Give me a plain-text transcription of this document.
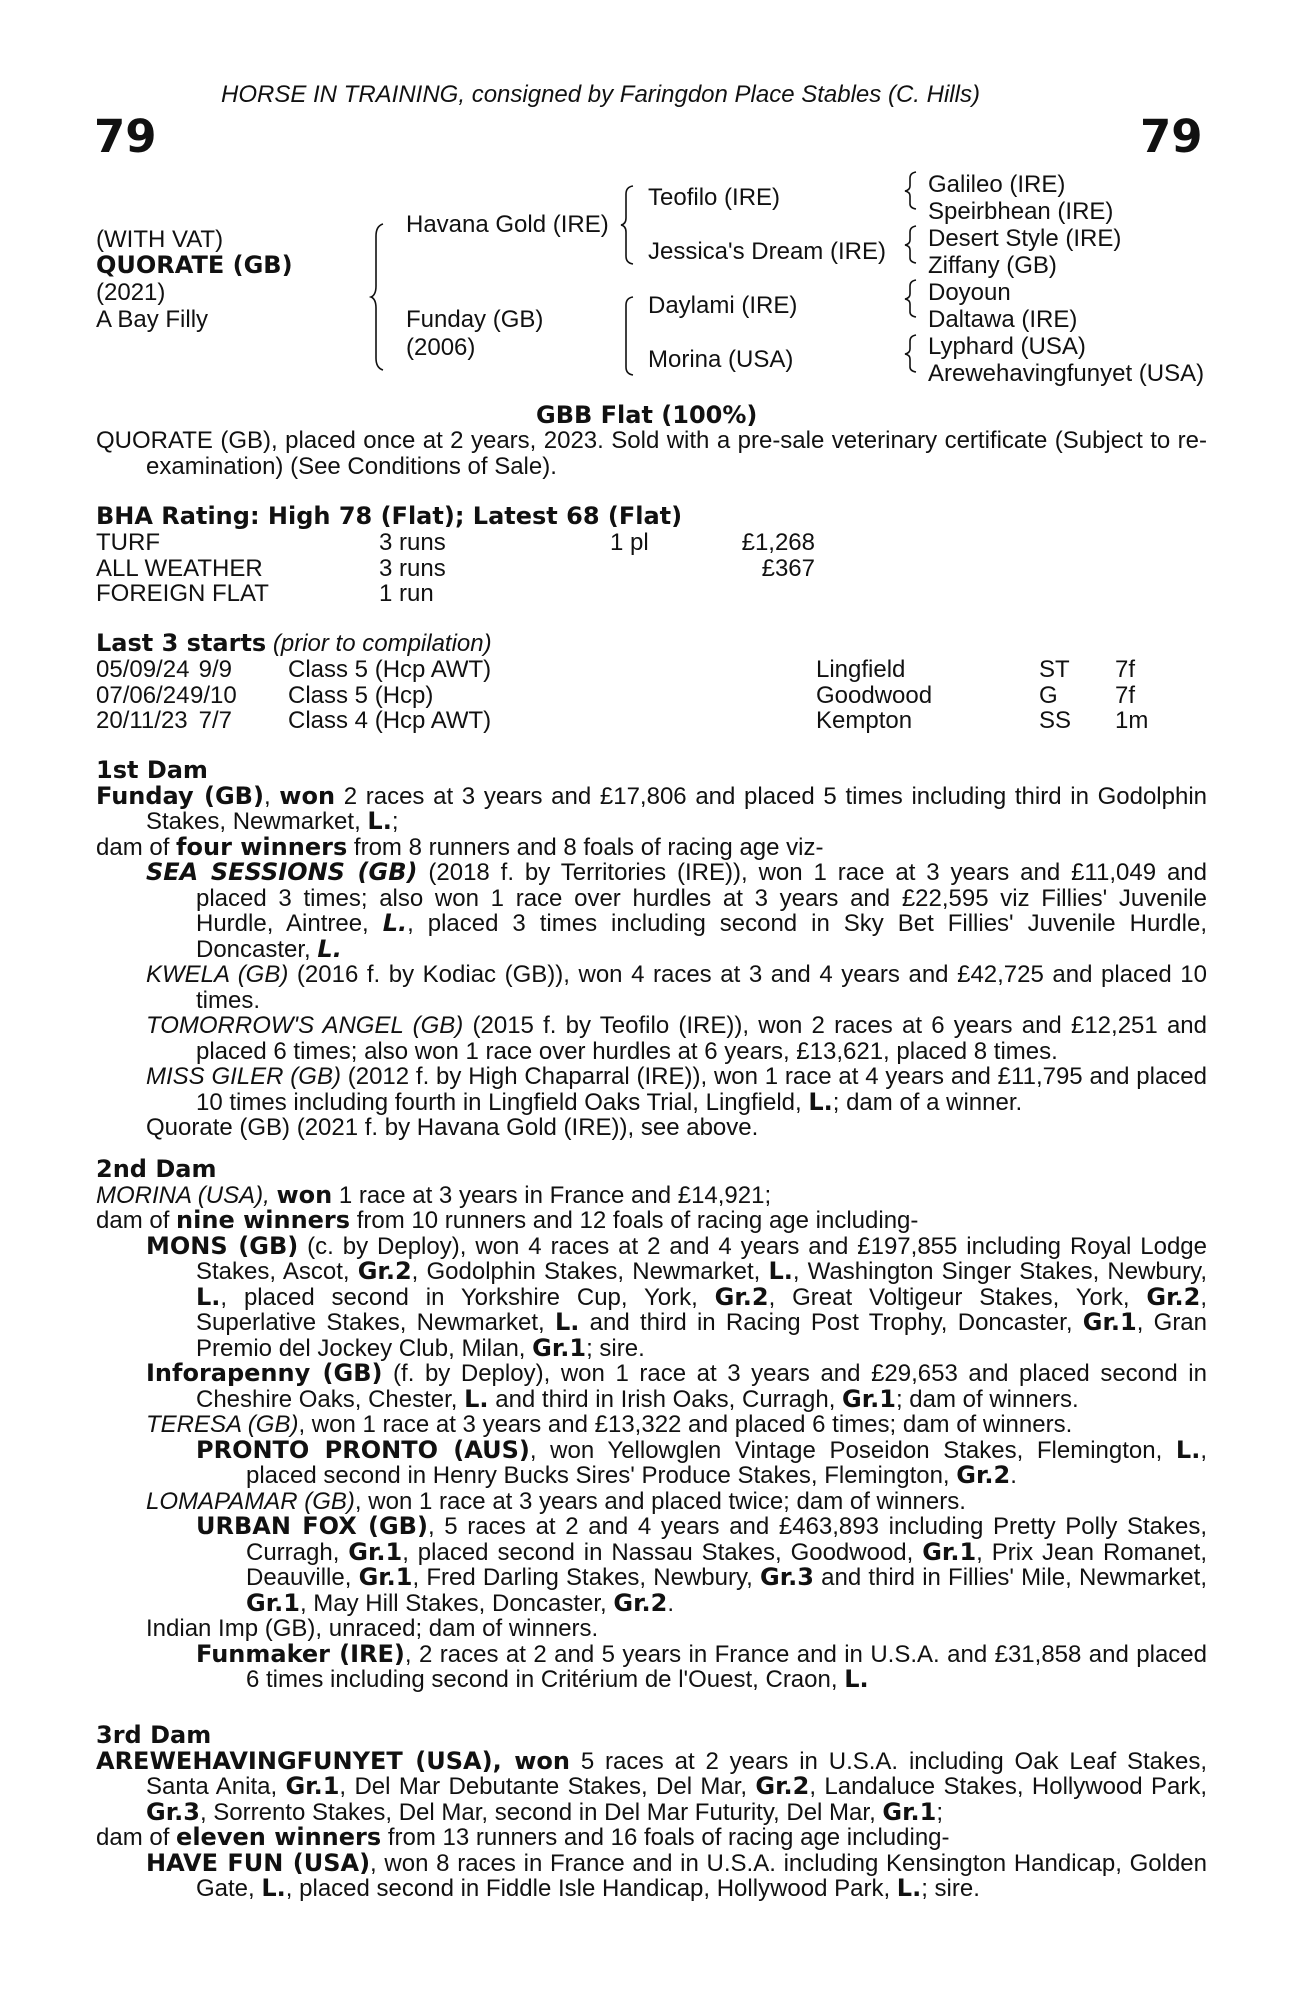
HORSE IN TRAINING, consigned by Faringdon Place Stables (C. Hills)
79	79
(WITH VAT)
QUORATE (GB)
(2021)
A Bay Filly
Havana Gold (IRE)
Funday (GB)
(2006)
Teofilo (IRE)
Jessica's Dream (IRE)
Daylami (IRE)
Morina (USA)
Galileo (IRE)
Speirbhean (IRE)
Desert Style (IRE)
Ziffany (GB)
Doyoun
Daltawa (IRE)
Lyphard (USA)
Arewehavingfunyet (USA)
GBB Flat (100%)

QUORATE (GB), placed once at 2 years, 2023. Sold with a pre-sale veterinary certificate (Subject to re-examination) (See Conditions of Sale).

BHA Rating: High 78 (Flat); Latest 68 (Flat)
TURF	3 runs	1 pl	£1,268
ALL WEATHER	3 runs	£367
FOREIGN FLAT	1 run
Last 3 starts (prior to compilation)
05/09/24 9/9 Class 5 (Hcp AWT)	Lingfield	ST 7f
07/06/24 9/10 Class 5 (Hcp)	Goodwood	G 7f
20/11/23 7/7 Class 4 (Hcp AWT)	Kempton	SS 1m

1st Dam

Funday (GB), won 2 races at 3 years and £17,806 and placed 5 times including third in Godolphin Stakes, Newmarket, L.;

dam of four winners from 8 runners and 8 foals of racing age viz-

SEA SESSIONS (GB) (2018 f. by Territories (IRE)), won 1 race at 3 years and £11,049 and placed 3 times; also won 1 race over hurdles at 3 years and £22,595 viz Fillies' Juvenile Hurdle, Aintree, L., placed 3 times including second in Sky Bet Fillies' Juvenile Hurdle, Doncaster, L.

KWELA (GB) (2016 f. by Kodiac (GB)), won 4 races at 3 and 4 years and £42,725 and placed 10 times.

TOMORROW'S ANGEL (GB) (2015 f. by Teofilo (IRE)), won 2 races at 6 years and £12,251 and placed 6 times; also won 1 race over hurdles at 6 years, £13,621, placed 8 times.

MISS GILER (GB) (2012 f. by High Chaparral (IRE)), won 1 race at 4 years and £11,795 and placed 10 times including fourth in Lingfield Oaks Trial, Lingfield, L.; dam of a winner.

Quorate (GB) (2021 f. by Havana Gold (IRE)), see above.

2nd Dam

MORINA (USA), won 1 race at 3 years in France and £14,921;

dam of nine winners from 10 runners and 12 foals of racing age including-

MONS (GB) (c. by Deploy), won 4 races at 2 and 4 years and £197,855 including Royal Lodge Stakes, Ascot, Gr.2, Godolphin Stakes, Newmarket, L., Washington Singer Stakes, Newbury, L., placed second in Yorkshire Cup, York, Gr.2, Great Voltigeur Stakes, York, Gr.2, Superlative Stakes, Newmarket, L. and third in Racing Post Trophy, Doncaster, Gr.1, Gran Premio del Jockey Club, Milan, Gr.1; sire.

Inforapenny (GB) (f. by Deploy), won 1 race at 3 years and £29,653 and placed second in Cheshire Oaks, Chester, L. and third in Irish Oaks, Curragh, Gr.1; dam of winners.

TERESA (GB), won 1 race at 3 years and £13,322 and placed 6 times; dam of winners.

PRONTO PRONTO (AUS), won Yellowglen Vintage Poseidon Stakes, Flemington, L., placed second in Henry Bucks Sires' Produce Stakes, Flemington, Gr.2.

LOMAPAMAR (GB), won 1 race at 3 years and placed twice; dam of winners.

URBAN FOX (GB), 5 races at 2 and 4 years and £463,893 including Pretty Polly Stakes, Curragh, Gr.1, placed second in Nassau Stakes, Goodwood, Gr.1, Prix Jean Romanet, Deauville, Gr.1, Fred Darling Stakes, Newbury, Gr.3 and third in Fillies' Mile, Newmarket, Gr.1, May Hill Stakes, Doncaster, Gr.2.

Indian Imp (GB), unraced; dam of winners.

Funmaker (IRE), 2 races at 2 and 5 years in France and in U.S.A. and £31,858 and placed 6 times including second in Critérium de l'Ouest, Craon, L.

3rd Dam

AREWEHAVINGFUNYET (USA), won 5 races at 2 years in U.S.A. including Oak Leaf Stakes, Santa Anita, Gr.1, Del Mar Debutante Stakes, Del Mar, Gr.2, Landaluce Stakes, Hollywood Park, Gr.3, Sorrento Stakes, Del Mar, second in Del Mar Futurity, Del Mar, Gr.1;

dam of eleven winners from 13 runners and 16 foals of racing age including-

HAVE FUN (USA), won 8 races in France and in U.S.A. including Kensington Handicap, Golden Gate, L., placed second in Fiddle Isle Handicap, Hollywood Park, L.; sire.
